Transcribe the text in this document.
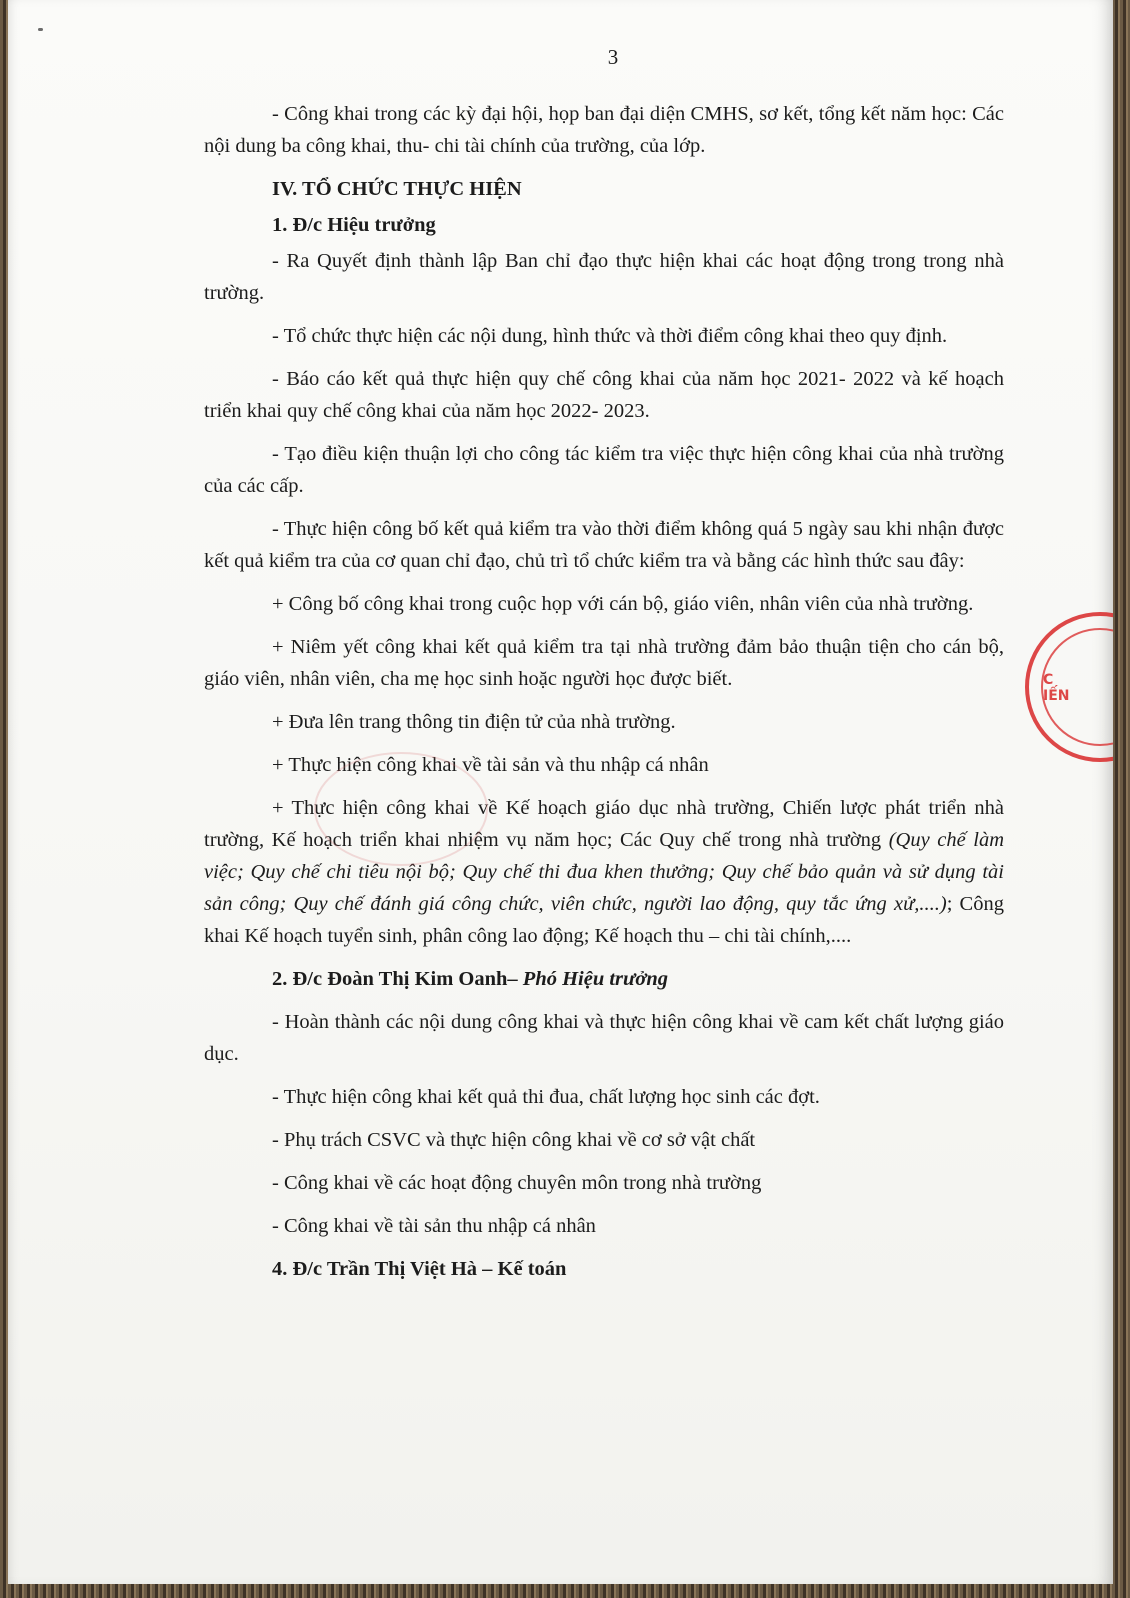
3

- Công khai trong các kỳ đại hội, họp ban đại diện CMHS, sơ kết, tổng kết năm học: Các nội dung ba công khai, thu- chi tài chính của trường, của lớp.

IV. TỔ CHỨC THỰC HIỆN

1. Đ/c Hiệu trưởng

- Ra Quyết định thành lập Ban chỉ đạo thực hiện khai các hoạt động trong trong nhà trường.

- Tổ chức thực hiện các nội dung, hình thức và thời điểm công khai theo quy định.

- Báo cáo kết quả thực hiện quy chế công khai của năm học 2021- 2022 và kế hoạch triển khai quy chế công khai của năm học 2022- 2023.

- Tạo điều kiện thuận lợi cho công tác kiểm tra việc thực hiện công khai của nhà trường của các cấp.

- Thực hiện công bố kết quả kiểm tra vào thời điểm không quá 5 ngày sau khi nhận được kết quả kiểm tra của cơ quan chỉ đạo, chủ trì tổ chức kiểm tra và bằng các hình thức sau đây:

+ Công bố công khai trong cuộc họp với cán bộ, giáo viên, nhân viên của nhà trường.

+ Niêm yết công khai kết quả kiểm tra tại nhà trường đảm bảo thuận tiện cho cán bộ, giáo viên, nhân viên, cha mẹ học sinh hoặc người học được biết.

+ Đưa lên trang thông tin điện tử của nhà trường.

+ Thực hiện công khai về tài sản và thu nhập cá nhân

+ Thực hiện công khai về Kế hoạch giáo dục nhà trường, Chiến lược phát triển nhà trường, Kế hoạch triển khai nhiệm vụ năm học; Các Quy chế trong nhà trường (Quy chế làm việc; Quy chế chi tiêu nội bộ; Quy chế thi đua khen thưởng; Quy chế bảo quản và sử dụng tài sản công; Quy chế đánh giá công chức, viên chức, người lao động, quy tắc ứng xử,....); Công khai Kế hoạch tuyển sinh, phân công lao động; Kế hoạch thu – chi tài chính,....

2. Đ/c Đoàn Thị Kim Oanh– Phó Hiệu trưởng

- Hoàn thành các nội dung công khai và thực hiện công khai về cam kết chất lượng giáo dục.

- Thực hiện công khai kết quả thi đua, chất lượng học sinh các đợt.

- Phụ trách CSVC và thực hiện công khai về cơ sở vật chất

- Công khai về các hoạt động chuyên môn trong nhà trường

- Công khai về tài sản thu nhập cá nhân

4. Đ/c Trần Thị Việt Hà – Kế toán

C
IẾN
